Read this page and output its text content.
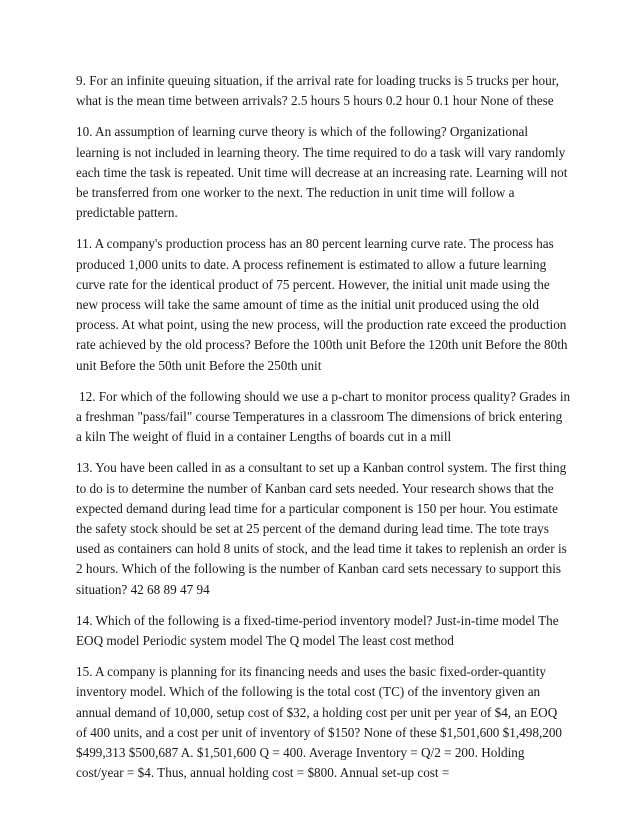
9. For an infinite queuing situation, if the arrival rate for loading trucks is 5 trucks per hour, what is the mean time between arrivals? 2.5 hours 5 hours 0.2 hour 0.1 hour None of these

10. An assumption of learning curve theory is which of the following? Organizational learning is not included in learning theory. The time required to do a task will vary randomly each time the task is repeated. Unit time will decrease at an increasing rate. Learning will not be transferred from one worker to the next. The reduction in unit time will follow a predictable pattern.

11. A company's production process has an 80 percent learning curve rate. The process has produced 1,000 units to date. A process refinement is estimated to allow a future learning curve rate for the identical product of 75 percent. However, the initial unit made using the new process will take the same amount of time as the initial unit produced using the old process. At what point, using the new process, will the production rate exceed the production rate achieved by the old process? Before the 100th unit Before the 120th unit Before the 80th unit Before the 50th unit Before the 250th unit

12. For which of the following should we use a p-chart to monitor process quality? Grades in a freshman "pass/fail" course Temperatures in a classroom The dimensions of brick entering a kiln The weight of fluid in a container Lengths of boards cut in a mill

13. You have been called in as a consultant to set up a Kanban control system. The first thing to do is to determine the number of Kanban card sets needed. Your research shows that the expected demand during lead time for a particular component is 150 per hour. You estimate the safety stock should be set at 25 percent of the demand during lead time. The tote trays used as containers can hold 8 units of stock, and the lead time it takes to replenish an order is 2 hours. Which of the following is the number of Kanban card sets necessary to support this situation? 42 68 89 47 94

14. Which of the following is a fixed-time-period inventory model? Just-in-time model The EOQ model Periodic system model The Q model The least cost method

15. A company is planning for its financing needs and uses the basic fixed-order-quantity inventory model. Which of the following is the total cost (TC) of the inventory given an annual demand of 10,000, setup cost of $32, a holding cost per unit per year of $4, an EOQ of 400 units, and a cost per unit of inventory of $150? None of these $1,501,600 $1,498,200 $499,313 $500,687 A. $1,501,600 Q = 400. Average Inventory = Q/2 = 200. Holding cost/year = $4. Thus, annual holding cost = $800. Annual set-up cost =
